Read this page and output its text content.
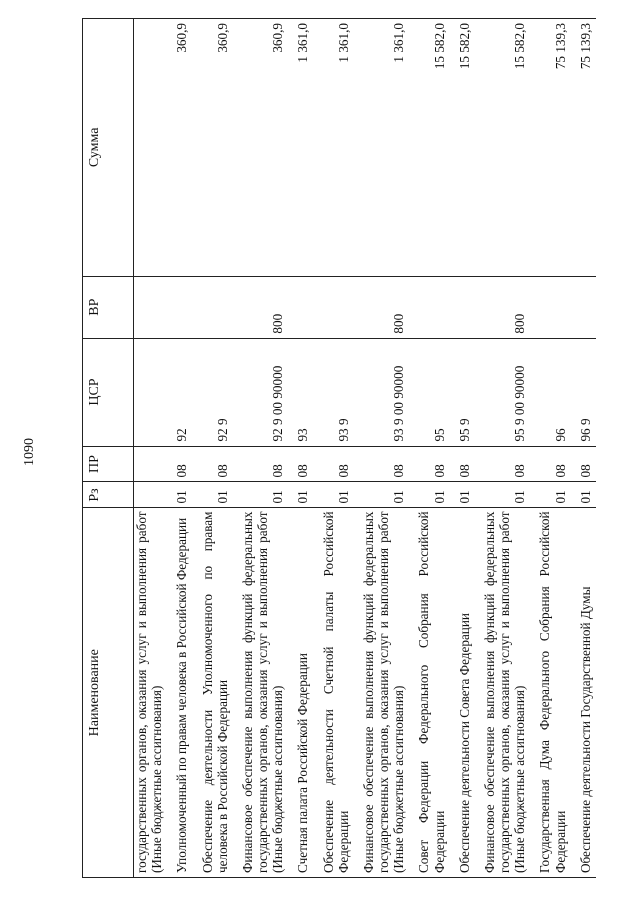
1090
Наименование	Рз	ПР	ЦСР	ВР	Сумма
государственных органов, оказания услуг и выполнения работ (Иные бюджетные ассигнования)					
Уполномоченный по правам человека в Российской Федерации	01	08	92		360,9
Обеспечение деятельности Уполномоченного по правам человека в Российской Федерации	01	08	92 9		360,9
Финансовое обеспечение выполнения функций федеральных государственных органов, оказания услуг и выполнения работ (Иные бюджетные ассигнования)	01	08	92 9 00 90000	800	360,9
Счетная палата Российской Федерации	01	08	93		1 361,0
Обеспечение деятельности Счетной палаты Российской Федерации	01	08	93 9		1 361,0
Финансовое обеспечение выполнения функций федеральных государственных органов, оказания услуг и выполнения работ (Иные бюджетные ассигнования)	01	08	93 9 00 90000	800	1 361,0
Совет Федерации Федерального Собрания Российской Федерации	01	08	95		15 582,0
Обеспечение деятельности Совета Федерации	01	08	95 9		15 582,0
Финансовое обеспечение выполнения функций федеральных государственных органов, оказания услуг и выполнения работ (Иные бюджетные ассигнования)	01	08	95 9 00 90000	800	15 582,0
Государственная Дума Федерального Собрания Российской Федерации	01	08	96		75 139,3
Обеспечение деятельности Государственной Думы	01	08	96 9		75 139,3
